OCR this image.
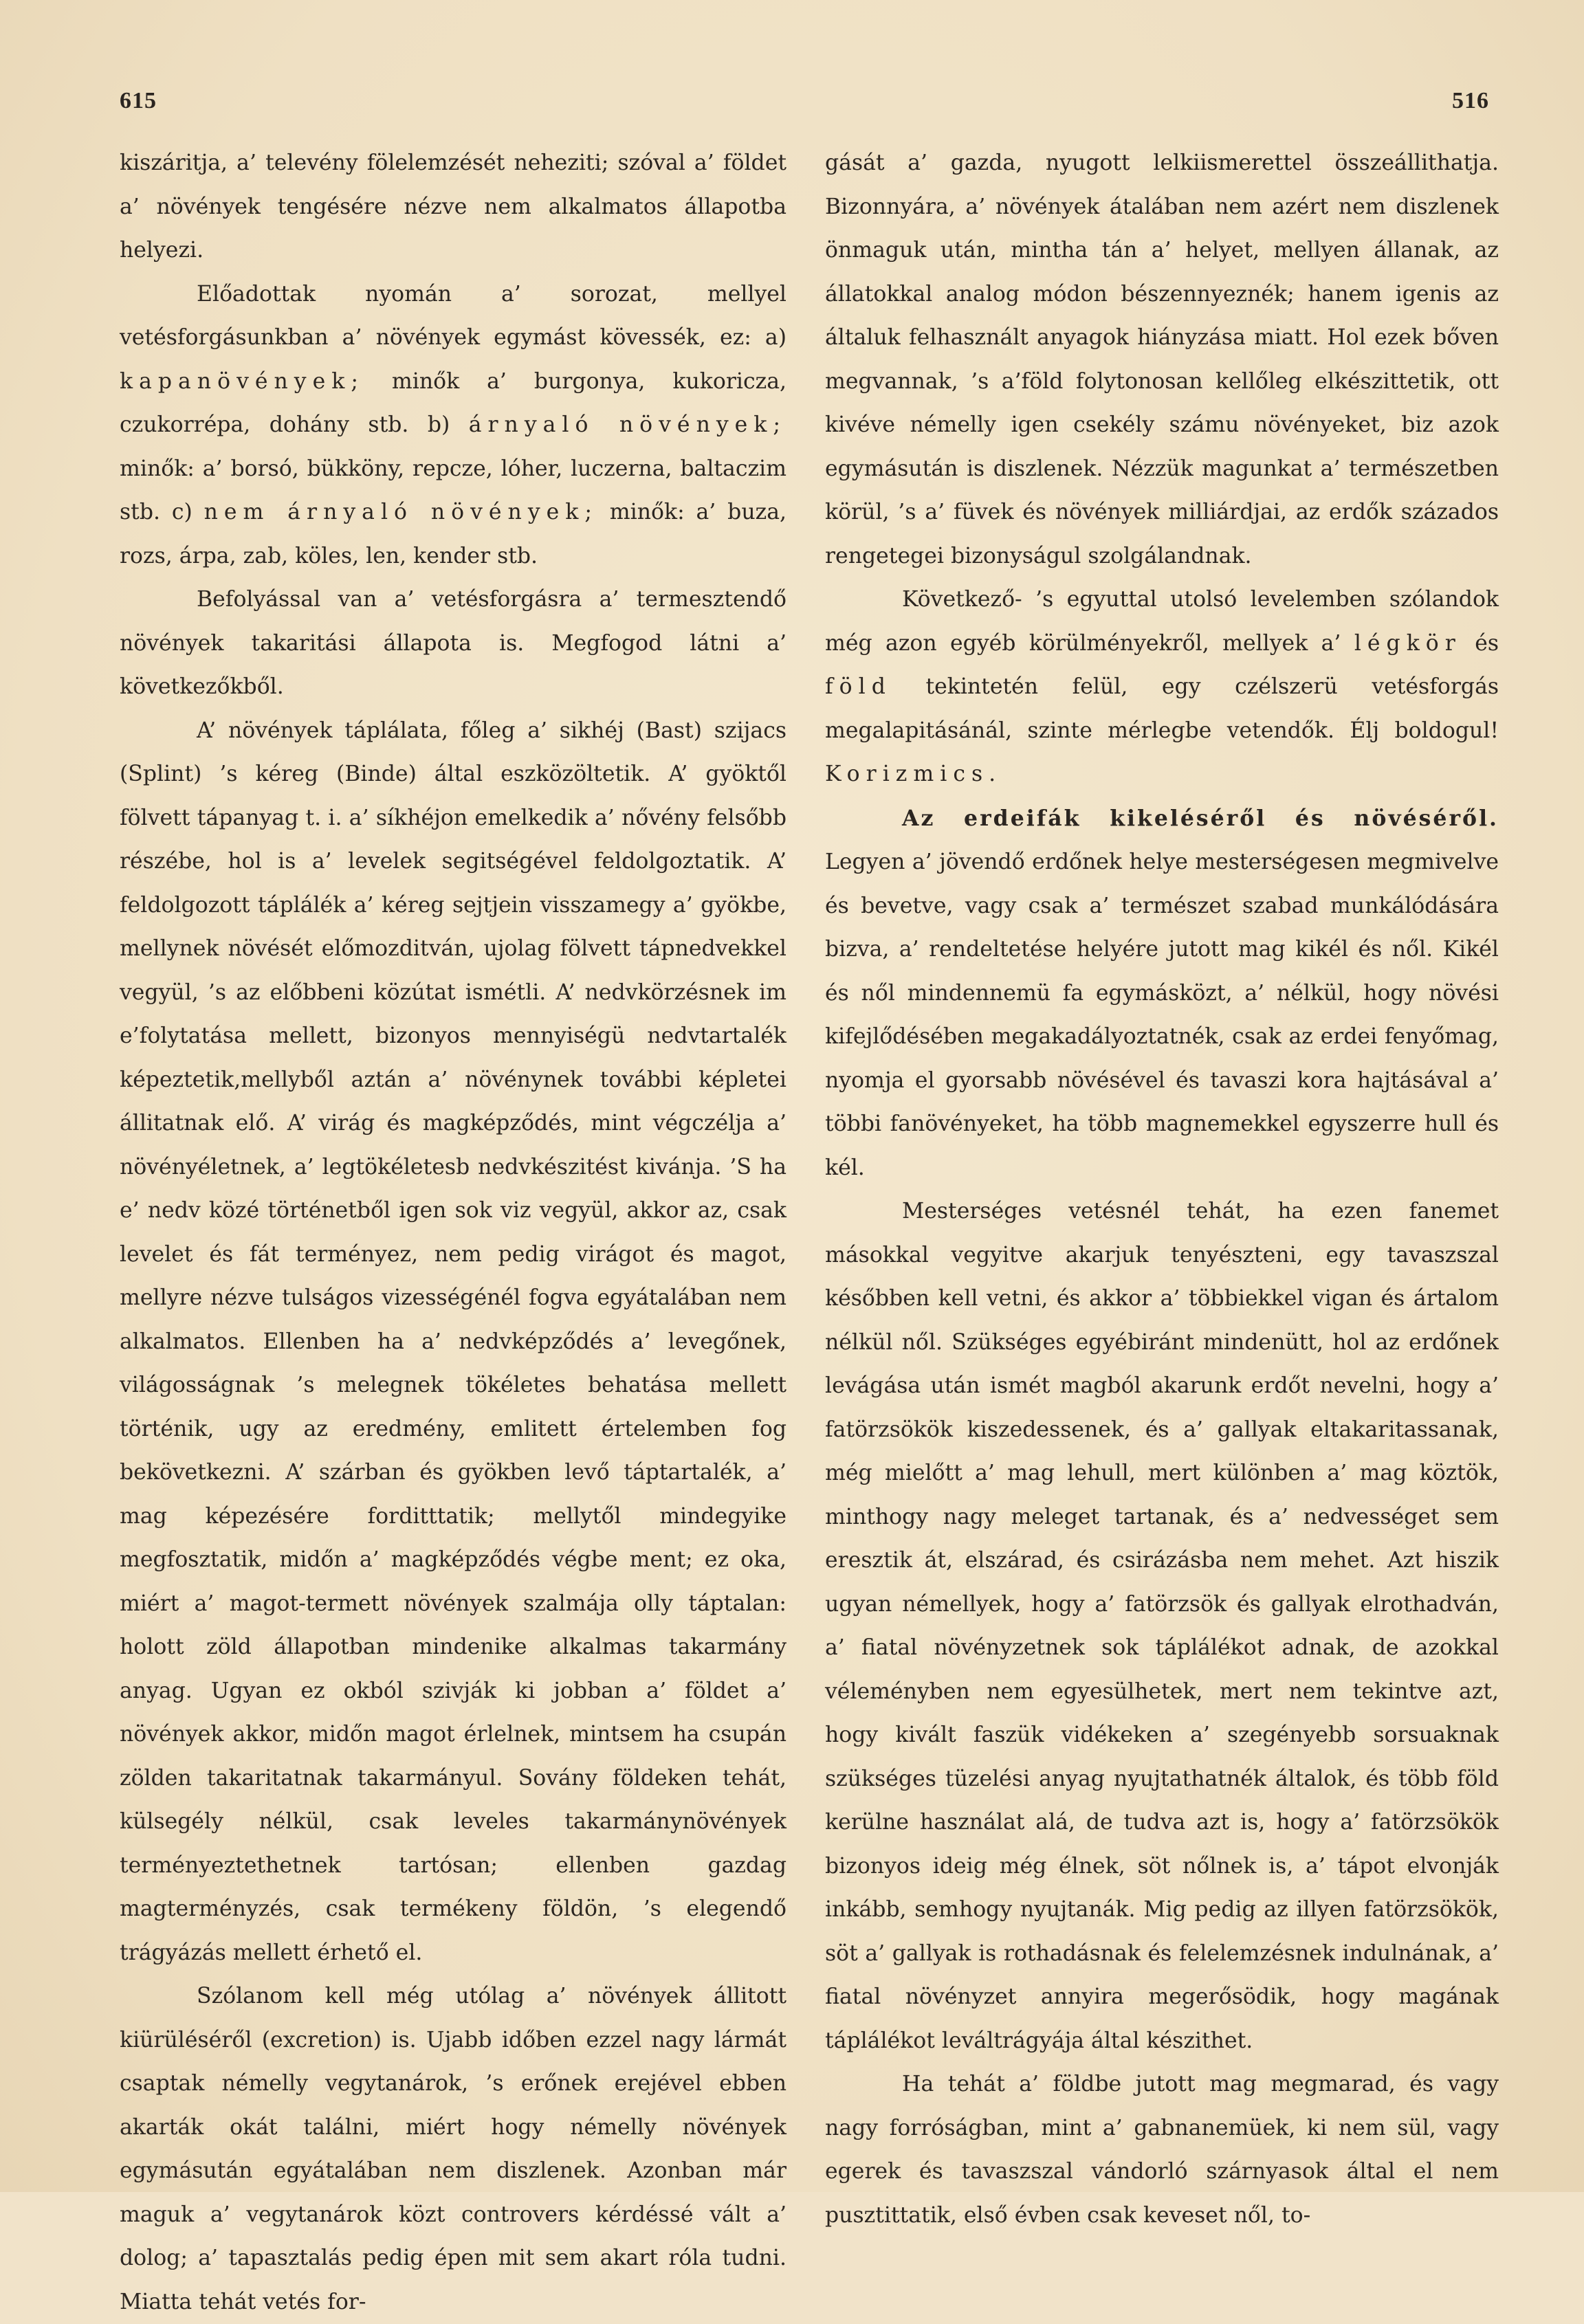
615	516

kiszáritja, a’ televény fölelemzését neheziti; szóval a’ földet a’ növények tengésére nézve nem alkalmatos állapotba helyezi.

Előadottak nyomán a’ sorozat, mellyel vetésforgásunkban a’ növények egymást kövessék, ez: a) kapanövények; minők a’ burgonya, kukoricza, czukorrépa, dohány stb. b) árnyaló növények; minők: a’ borsó, bükköny, repcze, lóher, luczerna, baltaczim stb. c) nem árnyaló növények; minők: a’ buza, rozs, árpa, zab, köles, len, kender stb.

Befolyással van a’ vetésforgásra a’ termesztendő növények takaritási állapota is. Megfogod látni a’ következőkből.

A’ növények táplálata, főleg a’ sikhéj (Bast) szijacs (Splint) ’s kéreg (Binde) által eszközöltetik. A’ gyöktől fölvett tápanyag t. i. a’ síkhéjon emelkedik a’ nővény felsőbb részébe, hol is a’ levelek segitségével feldolgoztatik. A’ feldolgozott táplálék a’ kéreg sejtjein visszamegy a’ gyökbe, mellynek növését előmozditván, ujolag fölvett tápnedvekkel vegyül, ’s az előbbeni közútat ismétli. A’ nedvkörzésnek im e’folytatása mellett, bizonyos mennyiségü nedvtartalék képeztetik,mellyből aztán a’ növénynek további képletei állitatnak elő. A’ virág és magképződés, mint végczélja a’ növényéletnek, a’ legtökéletesb nedvkészitést kivánja. ’S ha e’ nedv közé történetből igen sok viz vegyül, akkor az, csak levelet és fát terményez, nem pedig virágot és magot, mellyre nézve tulságos vizességénél fogva egyátalában nem alkalmatos. Ellenben ha a’ nedvképződés a’ levegőnek, világosságnak ’s melegnek tökéletes behatása mellett történik, ugy az eredmény, emlitett értelemben fog bekövetkezni. A’ szárban és gyökben levő táptartalék, a’ mag képezésére forditttatik; mellytől mindegyike megfosztatik, midőn a’ magképződés végbe ment; ez oka, miért a’ magot-termett növények szalmája olly táptalan: holott zöld állapotban mindenike alkalmas takarmány anyag. Ugyan ez okból szivják ki jobban a’ földet a’ növények akkor, midőn magot érlelnek, mintsem ha csupán zölden takaritatnak takarmányul. Sovány földeken tehát, külsegély nélkül, csak leveles takarmánynövények terményeztethetnek tartósan; ellenben gazdag magterményzés, csak termékeny földön, ’s elegendő trágyázás mellett érhető el.

Szólanom kell még utólag a’ növények állitott kiürüléséről (excretion) is. Ujabb időben ezzel nagy lármát csaptak némelly vegytanárok, ’s erőnek erejével ebben akarták okát találni, miért hogy némelly növények egymásután egyátalában nem diszlenek. Azonban már maguk a’ vegytanárok közt controvers kérdéssé vált a’ dolog; a’ tapasztalás pedig épen mit sem akart róla tudni. Miatta tehát vetés for-

gását a’ gazda, nyugott lelkiismerettel összeállithatja. Bizonnyára, a’ növények átalában nem azért nem diszlenek önmaguk után, mintha tán a’ helyet, mellyen állanak, az állatokkal analog módon bészennyeznék; hanem igenis az általuk felhasznált anyagok hiányzása miatt. Hol ezek bőven megvannak, ’s a’föld folytonosan kellőleg elkészittetik, ott kivéve némelly igen csekély számu növényeket, biz azok egymásután is diszlenek. Nézzük magunkat a’ természetben körül, ’s a’ füvek és növények milliárdjai, az erdők százados rengetegei bizonyságul szolgálandnak.

Következő- ’s egyuttal utolsó levelemben szólandok még azon egyéb körülményekről, mellyek a’ légkör és föld tekintetén felül, egy czélszerü vetésforgás megalapitásánál, szinte mérlegbe vetendők. Élj boldogul! Korizmics.

Az erdeifák kikeléséről és növéséről. Legyen a’ jövendő erdőnek helye mesterségesen megmivelve és bevetve, vagy csak a’ természet szabad munkálódására bizva, a’ rendeltetése helyére jutott mag kikél és nől. Kikél és nől mindennemü fa egymásközt, a’ nélkül, hogy növési kifejlődésében megakadályoztatnék, csak az erdei fenyőmag, nyomja el gyorsabb növésével és tavaszi kora hajtásával a’ többi fanövényeket, ha több magnemekkel egyszerre hull és kél.

Mesterséges vetésnél tehát, ha ezen fanemet másokkal vegyitve akarjuk tenyészteni, egy tavaszszal későbben kell vetni, és akkor a’ többiekkel vigan és ártalom nélkül nől. Szükséges egyébiránt mindenütt, hol az erdőnek levágása után ismét magból akarunk erdőt nevelni, hogy a’ fatörzsökök kiszedessenek, és a’ gallyak eltakaritassanak, még mielőtt a’ mag lehull, mert különben a’ mag köztök, minthogy nagy meleget tartanak, és a’ nedvességet sem eresztik át, elszárad, és csirázásba nem mehet. Azt hiszik ugyan némellyek, hogy a’ fatörzsök és gallyak elrothadván, a’ fiatal növényzetnek sok táplálékot adnak, de azokkal véleményben nem egyesülhetek, mert nem tekintve azt, hogy kivált faszük vidékeken a’ szegényebb sorsuaknak szükséges tüzelési anyag nyujtathatnék általok, és több föld kerülne használat alá, de tudva azt is, hogy a’ fatörzsökök bizonyos ideig még élnek, söt nőlnek is, a’ tápot elvonják inkább, semhogy nyujtanák. Mig pedig az illyen fatörzsökök, söt a’ gallyak is rothadásnak és felelemzésnek indulnának, a’ fiatal növényzet annyira megerősödik, hogy magának táplálékot leváltrágyája által készithet.

Ha tehát a’ földbe jutott mag megmarad, és vagy nagy forróságban, mint a’ gabnanemüek, ki nem sül, vagy egerek és tavaszszal vándorló szárnyasok által el nem pusztittatik, első évben csak keveset nől, to-
